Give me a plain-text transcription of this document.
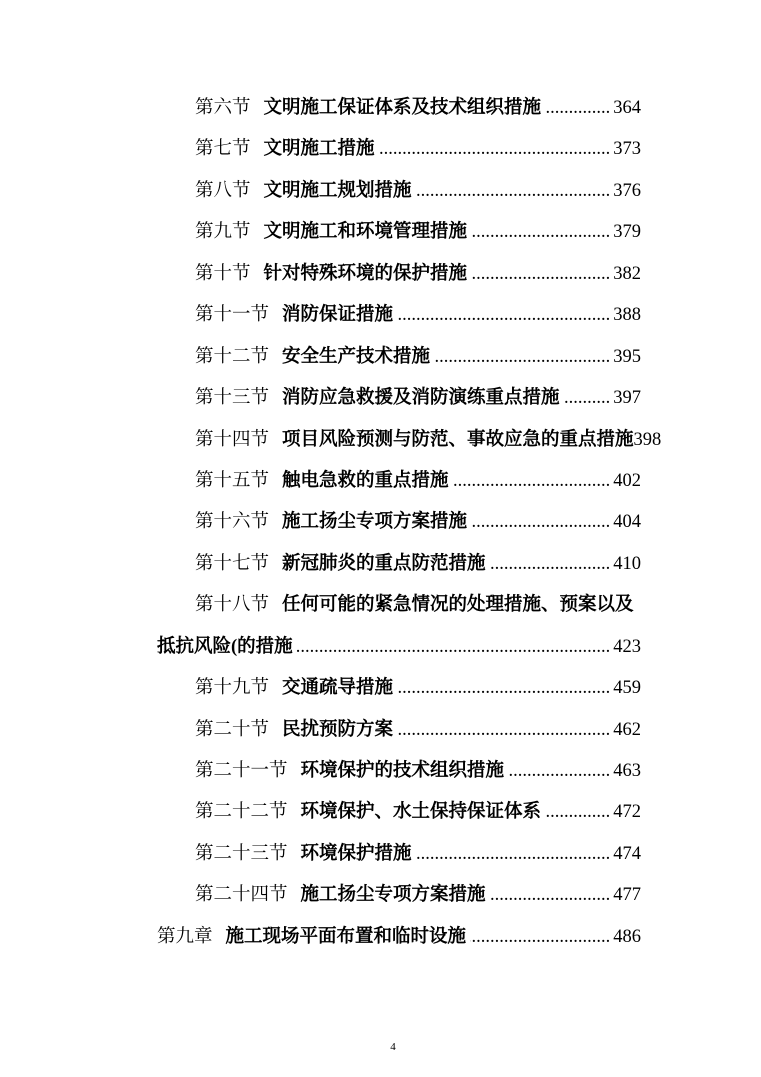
第六节 文明施工保证体系及技术组织措施 .....	364
第七节 文明施工措施 .....	373
第八节 文明施工规划措施 .....	376
第九节 文明施工和环境管理措施 .....	379
第十节 针对特殊环境的保护措施 .....	382
第十一节 消防保证措施 .....	388
第十二节 安全生产技术措施 .....	395
第十三节 消防应急救援及消防演练重点措施 .....	397
第十四节 项目风险预测与防范、事故应急的重点措施 398
第十五节 触电急救的重点措施 .....	402
第十六节 施工扬尘专项方案措施 .....	404
第十七节 新冠肺炎的重点防范措施 .....	410
第十八节 任何可能的紧急情况的处理措施、预案以及
抵抗风险(的措施 .....	423
第十九节 交通疏导措施 .....	459
第二十节 民扰预防方案 .....	462
第二十一节 环境保护的技术组织措施 .....	463
第二十二节 环境保护、水土保持保证体系 .....	472
第二十三节 环境保护措施 .....	474
第二十四节 施工扬尘专项方案措施 .....	477
第九章 施工现场平面布置和临时设施 .....	486
4
